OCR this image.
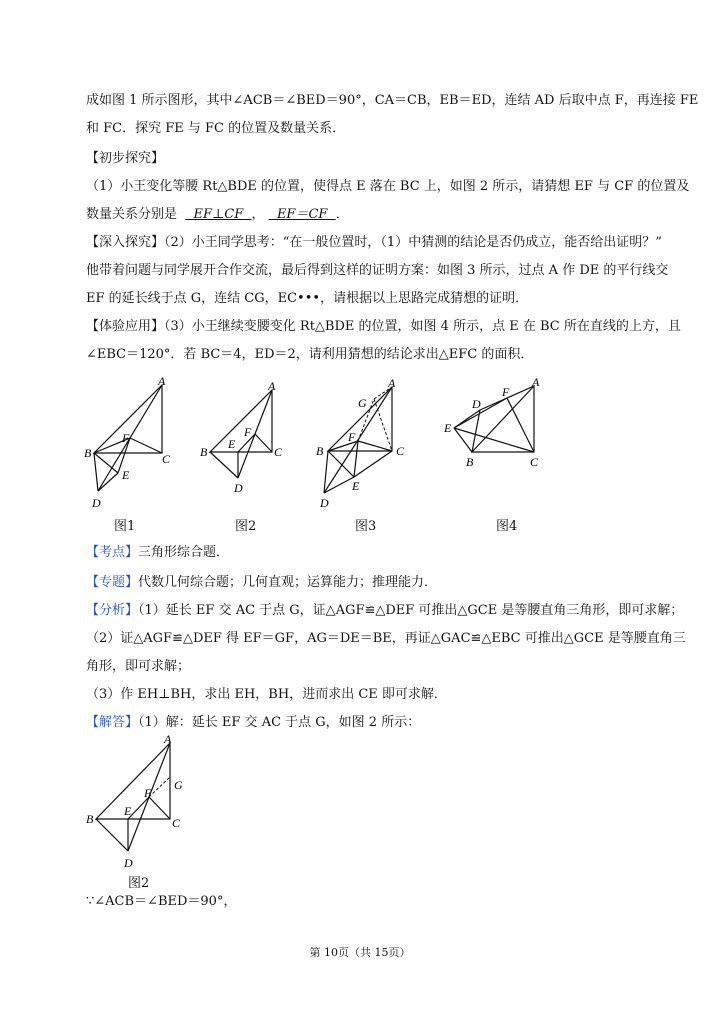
成如图 1 所示图形，其中∠ACB＝∠BED＝90°，CA＝CB，EB＝ED，连结 AD 后取中点 F，再连接 FE
和 FC．探究 FE 与 FC 的位置及数量关系．
【初步探究】
（1）小王变化等腰 Rt△BDE 的位置，使得点 E 落在 BC 上，如图 2 所示，请猜想 EF 与 CF 的位置及
数量关系分别是 EF⊥CF ， EF＝CF ．
【深入探究】（2）小王同学思考：“在一般位置时，（1）中猜测的结论是否仍成立，能否给出证明？”
他带着问题与同学展开合作交流，最后得到这样的证明方案：如图 3 所示，过点 A 作 DE 的平行线交
EF 的延长线于点 G，连结 CG，EC•••，请根据以上思路完成猜想的证明．
【体验应用】（3）小王继续变腰变化 Rt△BDE 的位置，如图 4 所示，点 E 在 BC 所在直线的上方，且
∠EBC＝120°．若 BC＝4，ED＝2，请利用猜想的结论求出△EFC 的面积．
A
B	C
D
E
F
图1
A
B	C
D
E
F
图2
A
G
B	C
D
E
F
图3
A
F
D
E
B	C
图4
【考点】三角形综合题．
【专题】代数几何综合题；几何直观；运算能力；推理能力．
【分析】（1）延长 EF 交 AC 于点 G，证△AGF≌△DEF 可推出△GCE 是等腰直角三角形，即可求解；
（2）证△AGF≌△DEF 得 EF＝GF，AG＝DE＝BE，再证△GAC≌△EBC 可推出△GCE 是等腰直角三
角形，即可求解；
（3）作 EH⊥BH，求出 EH，BH，进而求出 CE 即可求解．
【解答】（1）解：延长 EF 交 AC 于点 G，如图 2 所示：
A
G
B	C
D
E
F
图2
∵∠ACB＝∠BED＝90°，
第 10页（共 15页）
